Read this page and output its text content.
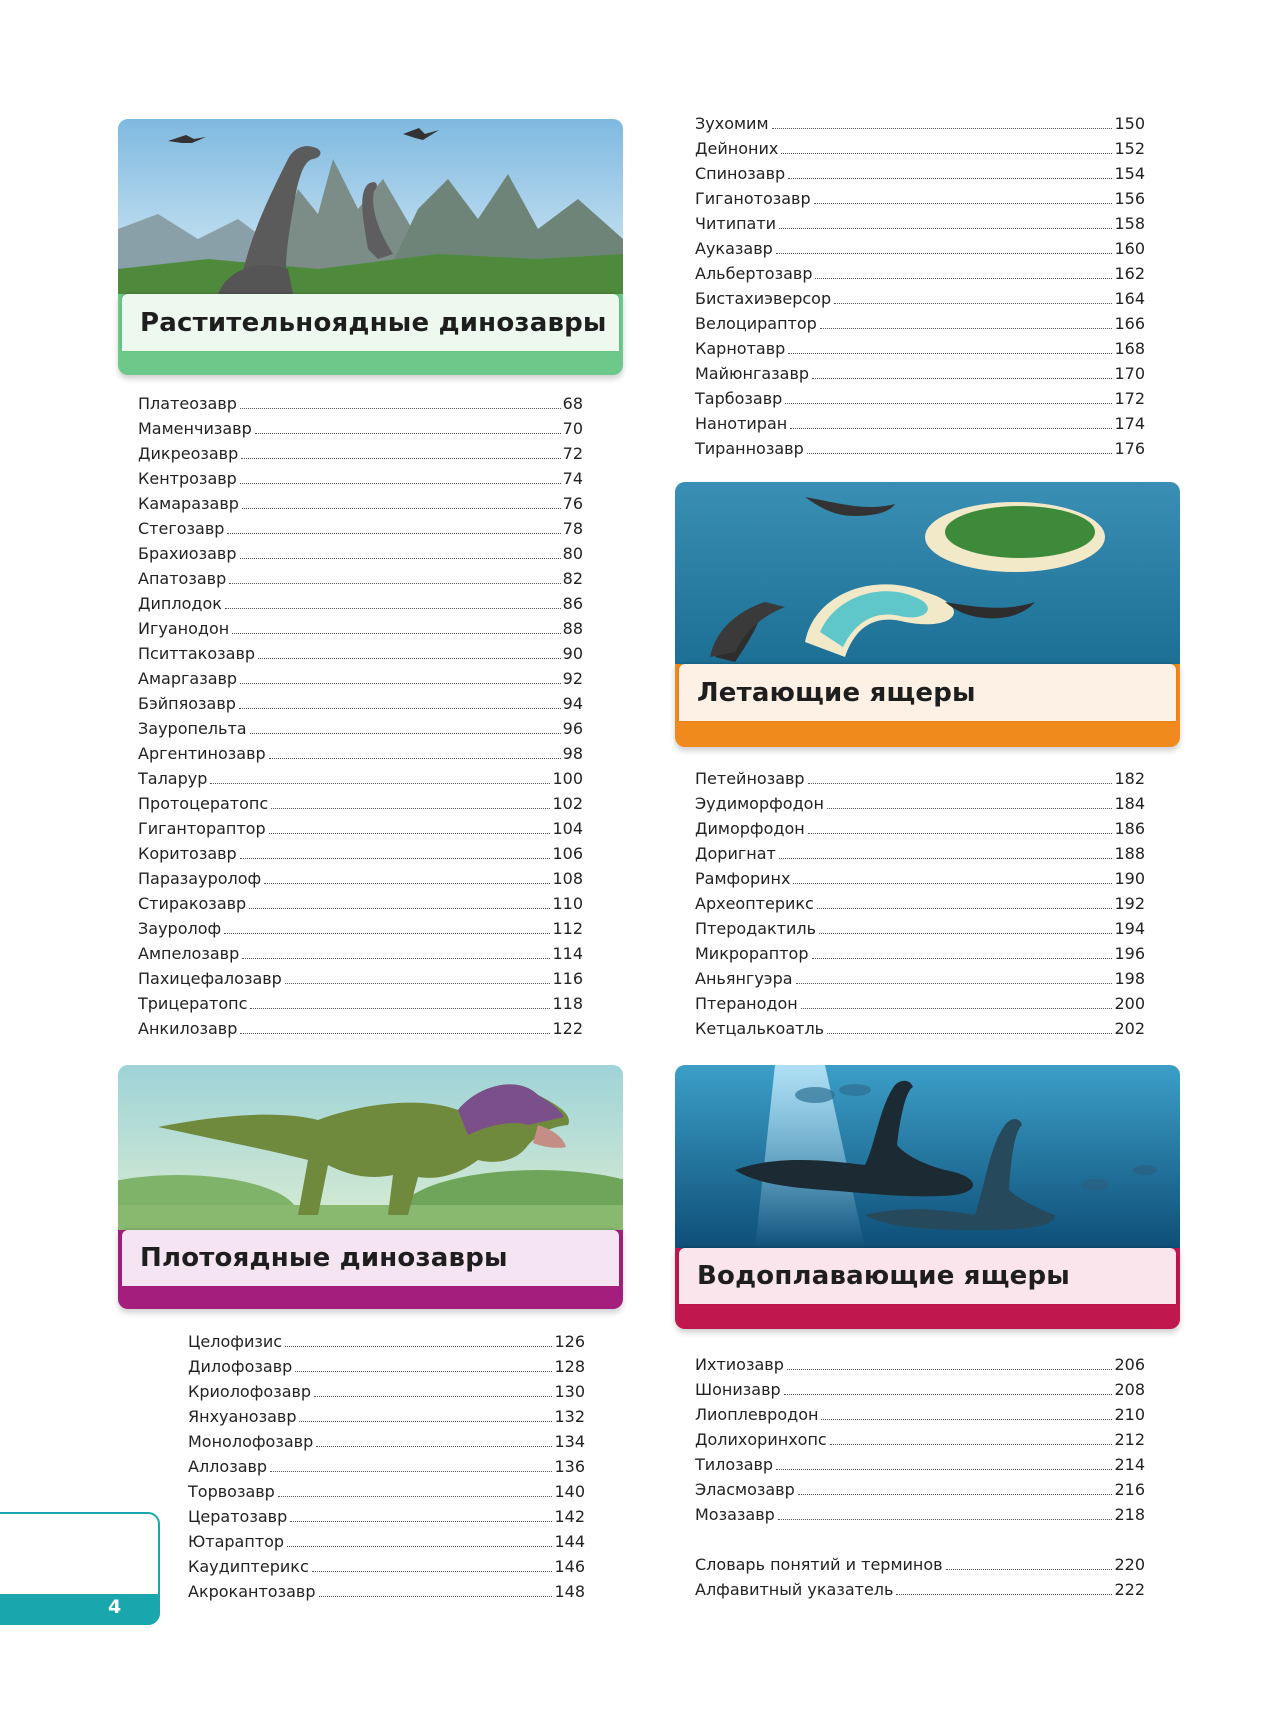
Растительноядные динозавры
Платеозавр	68
Маменчизавр	70
Дикреозавр	72
Кентрозавр	74
Камаразавр	76
Стегозавр	78
Брахиозавр	80
Апатозавр	82
Диплодок	86
Игуанодон	88
Пситтакозавр	90
Амаргазавр	92
Бэйпяозавр	94
Зауропельта	96
Аргентинозавр	98
Таларур	100
Протоцератопс	102
Гиганторaптор	104
Коритозавр	106
Паразауролоф	108
Стиракозавр	110
Зауролоф	112
Ампелозавр	114
Пахицефалозавр	116
Трицератопс	118
Анкилозавр	122
Плотоядные динозавры
Целофизис	126
Дилофозавр	128
Криолофозавр	130
Янхуанозавр	132
Монолофозавр	134
Аллозавр	136
Торвозавр	140
Цератозавр	142
Ютараптор	144
Каудиптерикс	146
Акрокантозавр	148
Зухомим	150
Дейноних	152
Спинозавр	154
Гиганотозавр	156
Читипати	158
Ауказавр	160
Альбертозавр	162
Бистахиэверсор	164
Велоцираптор	166
Карнотавр	168
Майюнгазавр	170
Тарбозавр	172
Нанотиран	174
Тираннозавр	176
Летающие ящеры
Петейнозавр	182
Эудиморфодон	184
Диморфодон	186
Доригнат	188
Рамфоринх	190
Археоптерикс	192
Птеродактиль	194
Микрораптор	196
Аньянгуэра	198
Птеранодон	200
Кетцалькоатль	202
Водоплавающие ящеры
Ихтиозавр	206
Шонизавр	208
Лиоплевродон	210
Долихоринхопс	212
Тилозавр	214
Эласмозавр	216
Мозазавр	218
Словарь понятий и терминов	220
Алфавитный указатель	222
4
